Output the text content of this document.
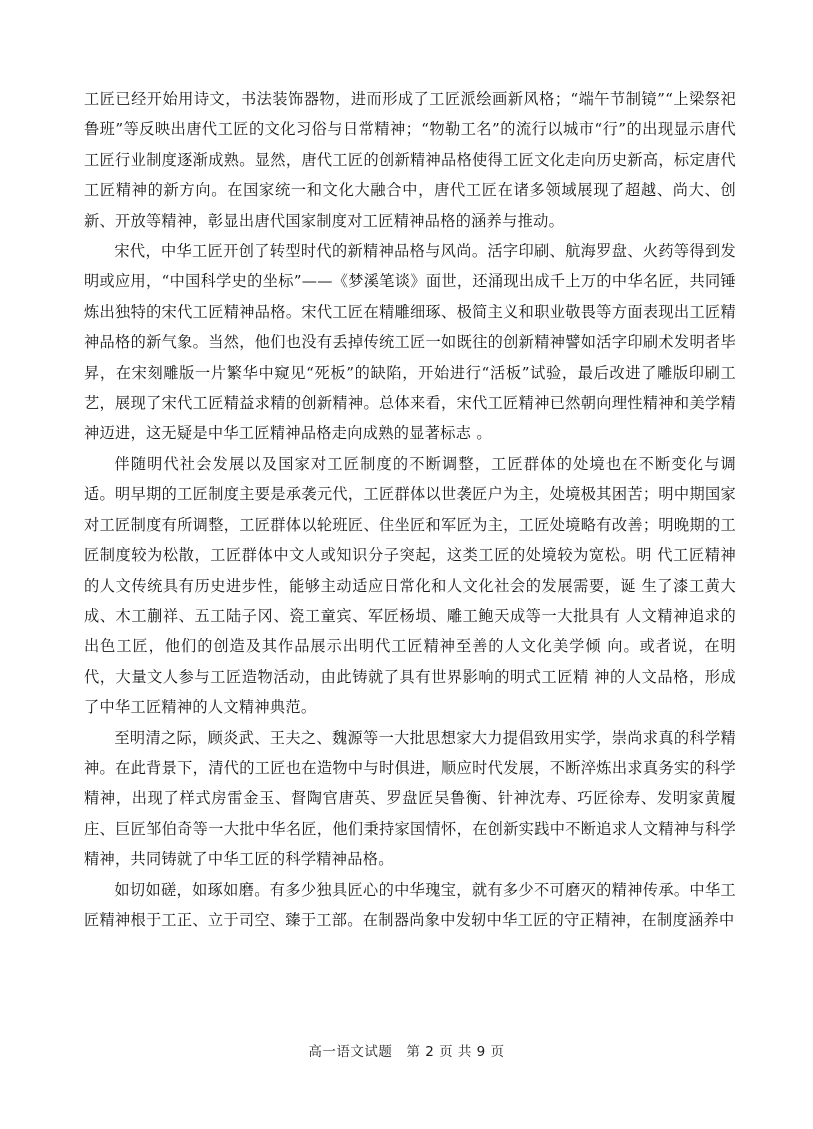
工匠已经开始用诗文，书法装饰器物，进而形成了工匠派绘画新风格；“端午节制镜”“上梁祭祀鲁班”等反映出唐代工匠的文化习俗与日常精神；“物勒工名”的流行以城市“行”的出现显示唐代工匠行业制度逐渐成熟。显然，唐代工匠的创新精神品格使得工匠文化走向历史新高，标定唐代工匠精神的新方向。在国家统一和文化大融合中，唐代工匠在诸多领域展现了超越、尚大、创新、开放等精神，彰显出唐代国家制度对工匠精神品格的涵养与推动。

宋代，中华工匠开创了转型时代的新精神品格与风尚。活字印刷、航海罗盘、火药等得到发明或应用，“中国科学史的坐标”——《梦溪笔谈》面世，还涌现出成千上万的中华名匠，共同锤炼出独特的宋代工匠精神品格。宋代工匠在精雕细琢、极简主义和职业敬畏等方面表现出工匠精神品格的新气象。当然，他们也没有丢掉传统工匠一如既往的创新精神譬如活字印刷术发明者毕昇，在宋刻雕版一片繁华中窥见“死板”的缺陷，开始进行“活板”试验，最后改进了雕版印刷工艺，展现了宋代工匠精益求精的创新精神。总体来看，宋代工匠精神已然朝向理性精神和美学精神迈进，这无疑是中华工匠精神品格走向成熟的显著标志 。

伴随明代社会发展以及国家对工匠制度的不断调整，工匠群体的处境也在不断变化与调　适。明早期的工匠制度主要是承袭元代，工匠群体以世袭匠户为主，处境极其困苦；明中期国家对工匠制度有所调整，工匠群体以轮班匠、住坐匠和军匠为主，工匠处境略有改善；明晚期的工匠制度较为松散，工匠群体中文人或知识分子突起，这类工匠的处境较为宽松。明 代工匠精神的人文传统具有历史进步性，能够主动适应日常化和人文化社会的发展需要，诞 生了漆工黄大成、木工蒯祥、五工陆子冈、瓷工童宾、军匠杨埙、雕工鲍天成等一大批具有 人文精神追求的出色工匠，他们的创造及其作品展示出明代工匠精神至善的人文化美学倾 向。或者说，在明代，大量文人参与工匠造物活动，由此铸就了具有世界影响的明式工匠精 神的人文品格，形成了中华工匠精神的人文精神典范。

至明清之际，顾炎武、王夫之、魏源等一大批思想家大力提倡致用实学，崇尚求真的科学精神。在此背景下，清代的工匠也在造物中与时俱进，顺应时代发展，不断淬炼出求真务实的科学精神，出现了样式房雷金玉、督陶官唐英、罗盘匠吴鲁衡、针神沈寿、巧匠徐寿、发明家黄履庄、巨匠邹伯奇等一大批中华名匠，他们秉持家国情怀，在创新实践中不断追求人文精神与科学精神，共同铸就了中华工匠的科学精神品格。

如切如磋，如琢如磨。有多少独具匠心的中华瑰宝，就有多少不可磨灭的精神传承。中华工匠精神根于工正、立于司空、臻于工部。在制器尚象中发轫中华工匠的守正精神，在制度涵养中

高一语文试题　第 2 页 共 9 页
